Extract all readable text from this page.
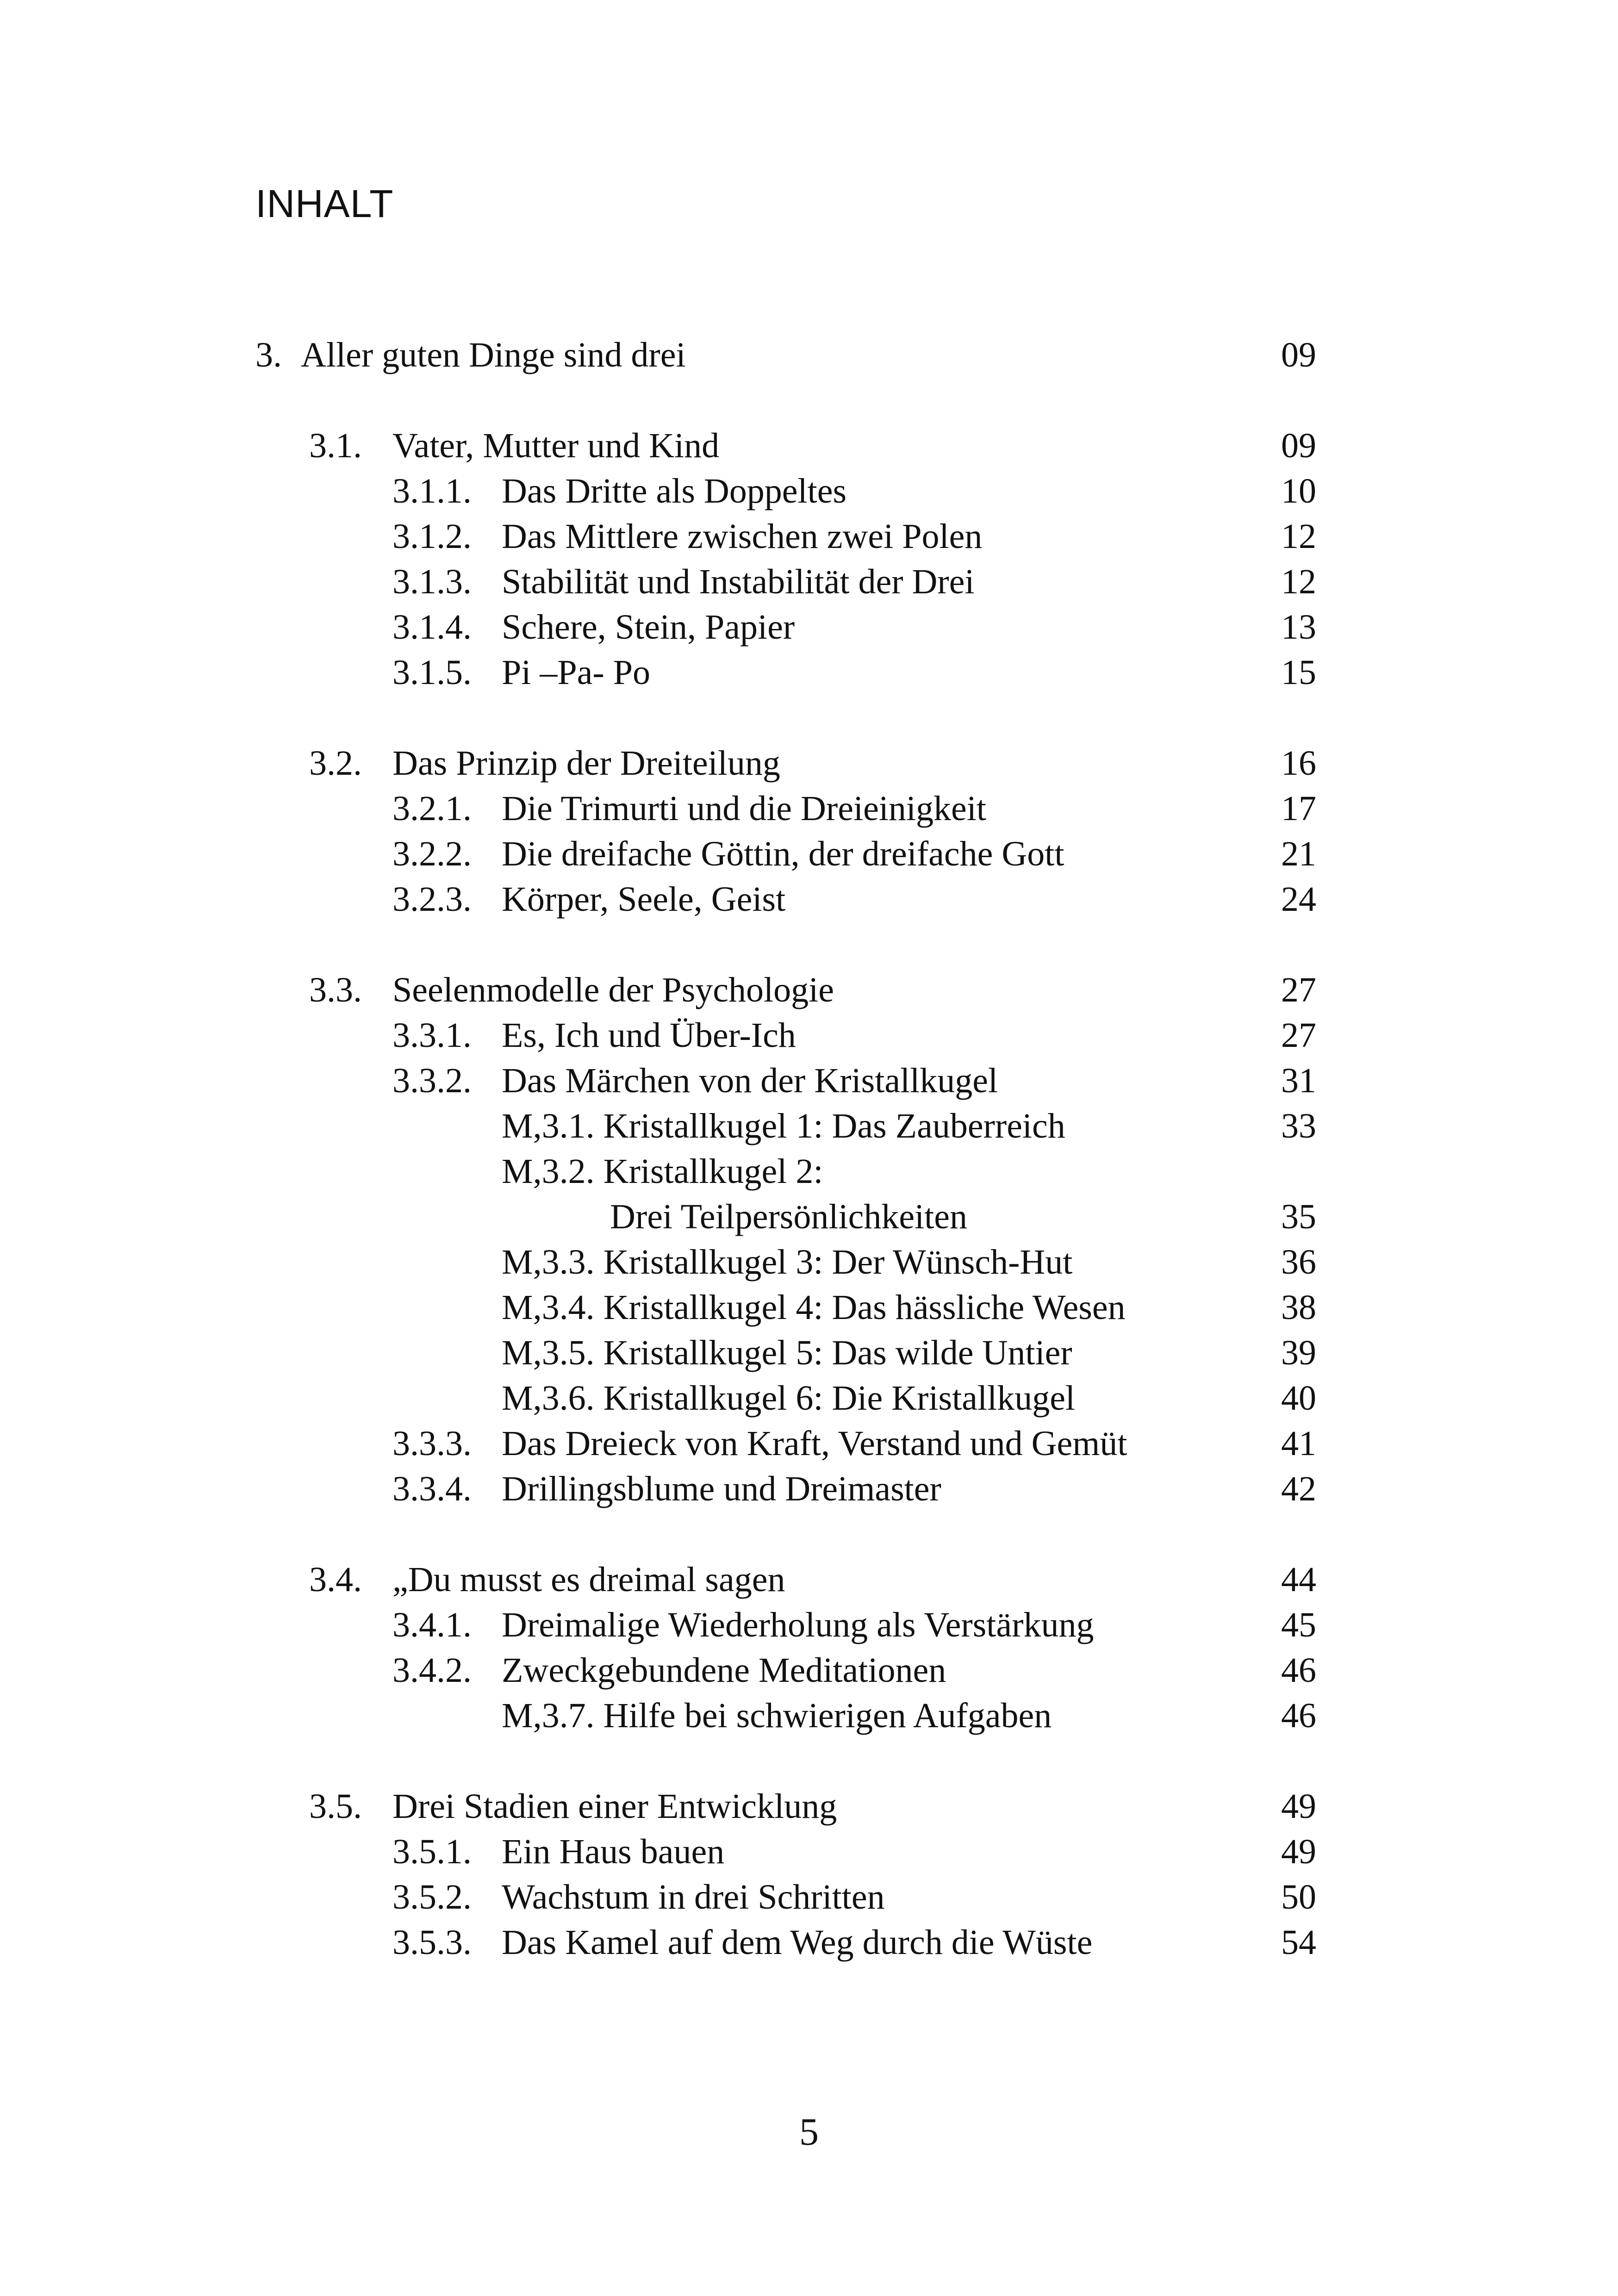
INHALT
3. Aller guten Dinge sind drei	09
3.1. Vater, Mutter und Kind	09
3.1.1. Das Dritte als Doppeltes	10
3.1.2. Das Mittlere zwischen zwei Polen	12
3.1.3. Stabilität und Instabilität der Drei	12
3.1.4. Schere, Stein, Papier	13
3.1.5. Pi –Pa- Po	15
3.2. Das Prinzip der Dreiteilung	16
3.2.1. Die Trimurti und die Dreieinigkeit	17
3.2.2. Die dreifache Göttin, der dreifache Gott	21
3.2.3. Körper, Seele, Geist	24
3.3. Seelenmodelle der Psychologie	27
3.3.1. Es, Ich und Über-Ich	27
3.3.2. Das Märchen von der Kristallkugel	31
M,3.1. Kristallkugel 1: Das Zauberreich	33
M,3.2. Kristallkugel 2:
Drei Teilpersönlichkeiten	35
M,3.3. Kristallkugel 3: Der Wünsch-Hut	36
M,3.4. Kristallkugel 4: Das hässliche Wesen	38
M,3.5. Kristallkugel 5: Das wilde Untier	39
M,3.6. Kristallkugel 6: Die Kristallkugel	40
3.3.3. Das Dreieck von Kraft, Verstand und Gemüt	41
3.3.4. Drillingsblume und Dreimaster	42
3.4. „Du musst es dreimal sagen	44
3.4.1. Dreimalige Wiederholung als Verstärkung	45
3.4.2. Zweckgebundene Meditationen	46
M,3.7. Hilfe bei schwierigen Aufgaben	46
3.5. Drei Stadien einer Entwicklung	49
3.5.1. Ein Haus bauen	49
3.5.2. Wachstum in drei Schritten	50
3.5.3. Das Kamel auf dem Weg durch die Wüste	54
5
